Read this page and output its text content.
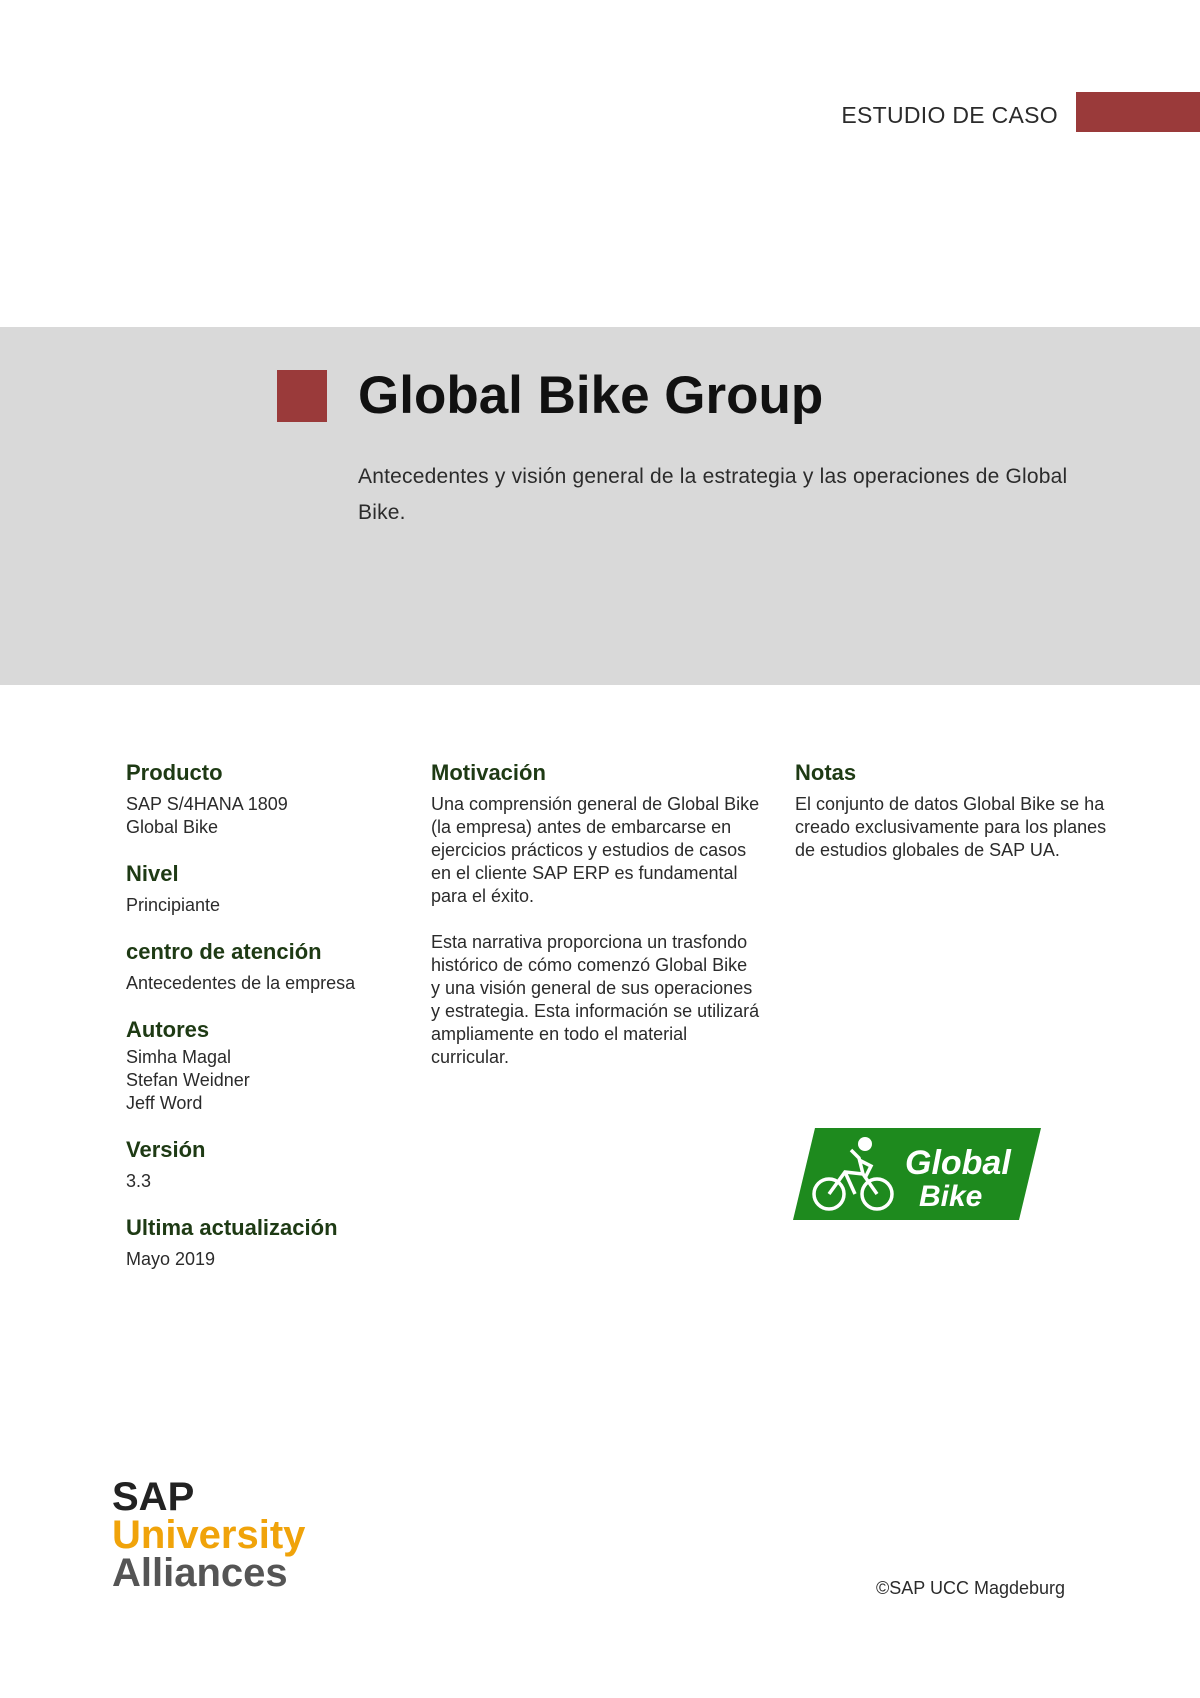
ESTUDIO DE CASO
Global Bike Group

Antecedentes y visión general de la estrategia y las operaciones de Global Bike.

Producto

SAP S/4HANA 1809

Global Bike

Nivel

Principiante

centro de atención

Antecedentes de la empresa

Autores

Simha Magal

Stefan Weidner

Jeff Word

Versión

3.3

Ultima actualización

Mayo 2019

Motivación

Una comprensión general de Global Bike (la empresa) antes de embarcarse en ejercicios prácticos y estudios de casos en el cliente SAP ERP es fundamental para el éxito.

Esta narrativa proporciona un trasfondo histórico de cómo comenzó Global Bike y una visión general de sus operaciones y estrategia. Esta información se utilizará ampliamente en todo el material curricular.

Notas

El conjunto de datos Global Bike se ha creado exclusivamente para los planes de estudios globales de SAP UA.

Global
Bike
SAP
University
Alliances	©SAP UCC Magdeburg
